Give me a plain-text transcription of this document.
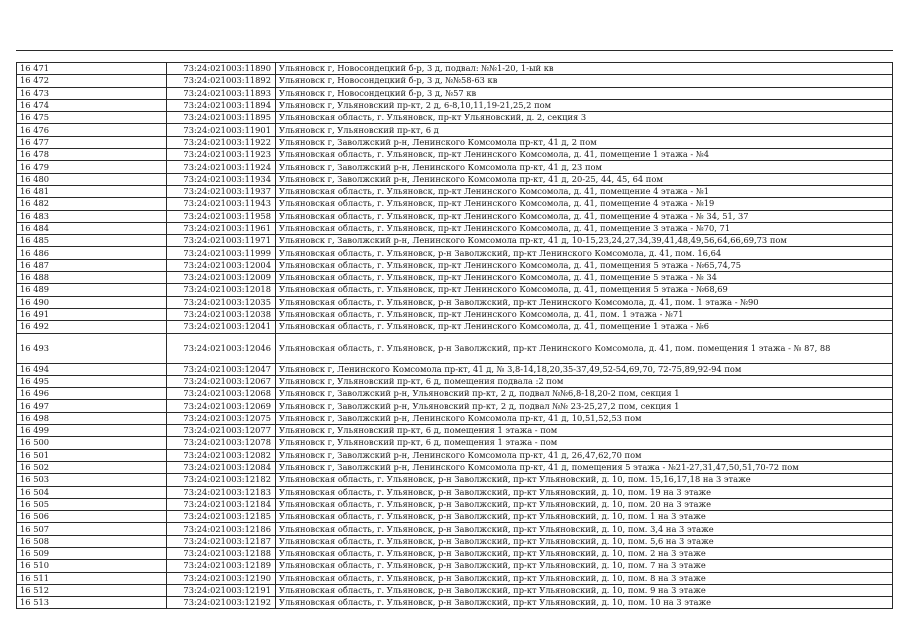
16 471	73:24:021003:11890	Ульяновск г, Новосондецкий б-р, 3 д, подвал: №№1-20, 1-ый кв
16 472	73:24:021003:11892	Ульяновск г, Новосондецкий б-р, 3 д, №№58-63 кв
16 473	73:24:021003:11893	Ульяновск г, Новосондецкий б-р, 3 д, №57 кв
16 474	73:24:021003:11894	Ульяновск г, Ульяновский пр-кт, 2 д, 6-8,10,11,19-21,25,2 пом
16 475	73:24:021003:11895	Ульяновская область, г. Ульяновск, пр-кт Ульяновский, д. 2, секция 3
16 476	73:24:021003:11901	Ульяновск г, Ульяновский пр-кт, 6 д
16 477	73:24:021003:11922	Ульяновск г, Заволжский р-н, Ленинского Комсомола пр-кт, 41 д, 2 пом
16 478	73:24:021003:11923	Ульяновская область, г. Ульяновск, пр-кт Ленинского Комсомола, д. 41, помещение 1 этажа - №4
16 479	73:24:021003:11924	Ульяновск г, Заволжский р-н, Ленинского Комсомола пр-кт, 41 д, 23 пом
16 480	73:24:021003:11934	Ульяновск г, Заволжский р-н, Ленинского Комсомола пр-кт, 41 д, 20-25, 44, 45, 64 пом
16 481	73:24:021003:11937	Ульяновская область, г. Ульяновск, пр-кт Ленинского Комсомола, д. 41, помещение 4 этажа - №1
16 482	73:24:021003:11943	Ульяновская область, г. Ульяновск, пр-кт Ленинского Комсомола, д. 41, помещение 4 этажа - №19
16 483	73:24:021003:11958	Ульяновская область, г. Ульяновск, пр-кт Ленинского Комсомола, д. 41, помещение 4 этажа - № 34, 51, 37
16 484	73:24:021003:11961	Ульяновская область, г. Ульяновск, пр-кт Ленинского Комсомола, д. 41, помещение 3 этажа - №70, 71
16 485	73:24:021003:11971	Ульяновск г, Заволжский р-н, Ленинского Комсомола пр-кт, 41 д, 10-15,23,24,27,34,39,41,48,49,56,64,66,69,73 пом
16 486	73:24:021003:11999	Ульяновская область, г. Ульяновск, р-н Заволжский, пр-кт Ленинского Комсомола, д. 41, пом. 16,64
16 487	73:24:021003:12004	Ульяновская область, г. Ульяновск, пр-кт Ленинского Комсомола, д. 41, помещения 5 этажа - №65,74,75
16 488	73:24:021003:12009	Ульяновская область, г. Ульяновск, пр-кт Ленинского Комсомола, д. 41, помещение 5 этажа - № 34
16 489	73:24:021003:12018	Ульяновская область, г. Ульяновск, пр-кт Ленинского Комсомола, д. 41, помещения 5 этажа - №68,69
16 490	73:24:021003:12035	Ульяновская область, г. Ульяновск, р-н Заволжский, пр-кт Ленинского Комсомола, д. 41, пом. 1 этажа - №90
16 491	73:24:021003:12038	Ульяновская область, г. Ульяновск, пр-кт Ленинского Комсомола, д. 41, пом. 1 этажа - №71
16 492	73:24:021003:12041	Ульяновская область, г. Ульяновск, пр-кт Ленинского Комсомола, д. 41, помещение 1 этажа - №6
16 493	73:24:021003:12046	Ульяновская область, г. Ульяновск, р-н Заволжский, пр-кт Ленинского Комсомола, д. 41, пом. помещения 1 этажа - № 87, 88
16 494	73:24:021003:12047	Ульяновск г, Ленинского Комсомола пр-кт, 41 д, № 3,8-14,18,20,35-37,49,52-54,69,70, 72-75,89,92-94 пом
16 495	73:24:021003:12067	Ульяновск г, Ульяновский пр-кт, 6 д, помещения подвала :2 пом
16 496	73:24:021003:12068	Ульяновск г, Заволжский р-н, Ульяновский пр-кт, 2 д, подвал №№6,8-18,20-2 пом, секция 1
16 497	73:24:021003:12069	Ульяновск г, Заволжский р-н, Ульяновский пр-кт, 2 д, подвал №№ 23-25,27,2 пом, секция 1
16 498	73:24:021003:12075	Ульяновск г, Заволжский р-н, Ленинского Комсомола пр-кт, 41 д, 10,51,52,53 пом
16 499	73:24:021003:12077	Ульяновск г, Ульяновский пр-кт, 6 д, помещения 1 этажа - пом
16 500	73:24:021003:12078	Ульяновск г, Ульяновский пр-кт, 6 д, помещения 1 этажа - пом
16 501	73:24:021003:12082	Ульяновск г, Заволжский р-н, Ленинского Комсомола пр-кт, 41 д, 26,47,62,70 пом
16 502	73:24:021003:12084	Ульяновск г, Заволжский р-н, Ленинского Комсомола пр-кт, 41 д, помещения 5 этажа - №21-27,31,47,50,51,70-72 пом
16 503	73:24:021003:12182	Ульяновская область, г. Ульяновск, р-н Заволжский, пр-кт Ульяновский, д. 10, пом. 15,16,17,18 на 3 этаже
16 504	73:24:021003:12183	Ульяновская область, г. Ульяновск, р-н Заволжский, пр-кт Ульяновский, д. 10, пом. 19 на 3 этаже
16 505	73:24:021003:12184	Ульяновская область, г. Ульяновск, р-н Заволжский, пр-кт Ульяновский, д. 10, пом. 20 на 3 этаже
16 506	73:24:021003:12185	Ульяновская область, г. Ульяновск, р-н Заволжский, пр-кт Ульяновский, д. 10, пом. 1 на 3 этаже
16 507	73:24:021003:12186	Ульяновская область, г. Ульяновск, р-н Заволжский, пр-кт Ульяновский, д. 10, пом. 3,4 на 3 этаже
16 508	73:24:021003:12187	Ульяновская область, г. Ульяновск, р-н Заволжский, пр-кт Ульяновский, д. 10, пом. 5,6 на 3 этаже
16 509	73:24:021003:12188	Ульяновская область, г. Ульяновск, р-н Заволжский, пр-кт Ульяновский, д. 10, пом. 2 на 3 этаже
16 510	73:24:021003:12189	Ульяновская область, г. Ульяновск, р-н Заволжский, пр-кт Ульяновский, д. 10, пом. 7 на 3 этаже
16 511	73:24:021003:12190	Ульяновская область, г. Ульяновск, р-н Заволжский, пр-кт Ульяновский, д. 10, пом. 8 на 3 этаже
16 512	73:24:021003:12191	Ульяновская область, г. Ульяновск, р-н Заволжский, пр-кт Ульяновский, д. 10, пом. 9 на 3 этаже
16 513	73:24:021003:12192	Ульяновская область, г. Ульяновск, р-н Заволжский, пр-кт Ульяновский, д. 10, пом. 10 на 3 этаже
